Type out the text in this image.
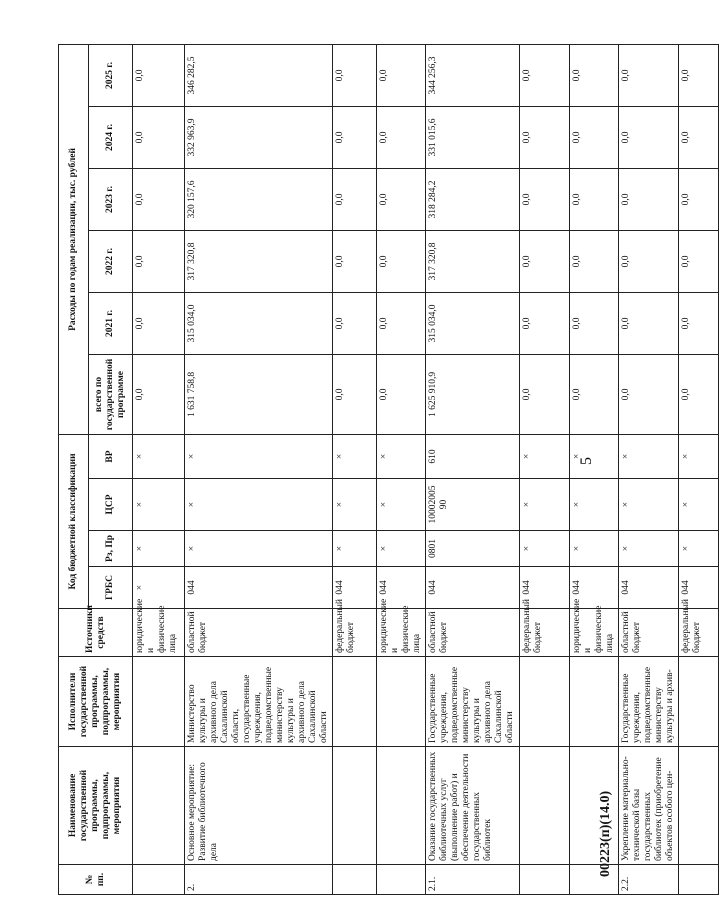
№ пп.	Наименование государственной программы, подпрограммы, мероприятия	Исполнители государственной программы, подпрограммы, мероприятия	Источники средств	Код бюджетной классификации				Расходы по годам реализации, тыс. рублей					
				ГРБС	Рз, Пр	ЦСР	ВР	всего по государственной программе	2021 г.	2022 г.	2023 г.	2024 г.	2025 г.
			юридические и физические лица	×	×	×	×	0,0	0,0	0,0	0,0	0,0	0,0
2.	Основное мероприятие: Развитие библиотечного дела	Министерство культуры и архивного дела Сахалинской области, государственные учреждения, подведомственные министерству культуры и архивного дела Сахалинской области	областной бюджет	044	×	×	×	1 631 758,8	315 034,0	317 320,8	320 157,6	332 963,9	346 282,5
			федеральный бюджет	044	×	×	×	0,0	0,0	0,0	0,0	0,0	0,0
			юридические и физические лица	044	×	×	×	0,0	0,0	0,0	0,0	0,0	0,0
2.1.	Оказание государственных библиотечных услуг (выполнение работ) и обеспечение деятельности государственных библиотек	Государственные учреждения, подведомственные министерству культуры и архивного дела Сахалинской области	областной бюджет	044	0801	10002005 90	610	1 625 910,9	315 034,0	317 320,8	318 284,2	331 015,6	344 256,3
			федеральный бюджет	044	×	×	×	0,0	0,0	0,0	0,0	0,0	0,0
			юридические и физические лица	044	×	×	×	0,0	0,0	0,0	0,0	0,0	0,0
2.2.	Укрепление материально-технической базы государственных библиотек (приобретение объектов особого цен-	Государственные учреждения, подведомственные министерству культуры и архив-	областной бюджет	044	×	×	×	0,0	0,0	0,0	0,0	0,0	0,0
			федеральный бюджет	044	×	×	×	0,0	0,0	0,0	0,0	0,0	0,0
5
00223(п)(14.0)
